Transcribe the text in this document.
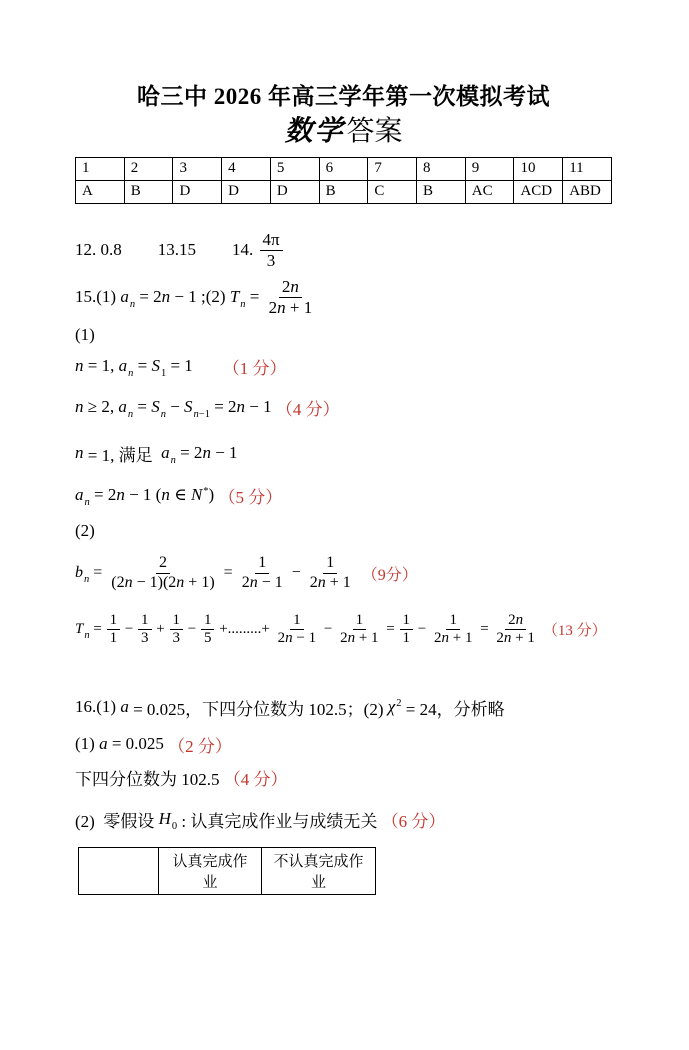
哈三中 2026 年高三学年第一次模拟考试
数学答案
1	2	3	4	5	6	7	8	9	10	11
A	B	D	D	D	B	C	B	AC	ACD	ABD
12. 0.8 13.15 14. $\frac{4\pi}{3}$
15.(1) $a_n = 2n - 1$ ;(2) $T_n = \frac{2n}{2n + 1}$
(1)
n = 1, $a_n = S_1 = 1$ （1 分）
n ≥ 2, $a_n = S_n - S_{n-1} = 2n - 1$ （4 分）
n = 1, 满足 $a_n = 2n - 1$
$a_n = 2n - 1$ (n ∈ N* ) （5 分）
(2)
$b_n = \frac{2}{(2n - 1)(2n + 1)} = \frac{1}{2n - 1} - \frac{1}{2n + 1} (9$分）
$T_n = \frac{1}{1} - \frac{1}{3} + \frac{1}{3} - \frac{1}{5}$ +.........+ $\frac{1}{2n - 1} - \frac{1}{2n + 1} = \frac{1}{1} - \frac{1}{2n + 1} = \frac{2n}{2n + 1} (13$ 分）
16.(1) a = 0.025，下四分位数为 102.5；(2) $\chi^2 = 24$，分析略
(1) a = 0.025 （2 分）
下四分位数为 102.5 （4 分）
(2)  零假设 $H_0$ : 认真完成作业与成绩无关 （6 分）
	认真完成作业	不认真完成作业
